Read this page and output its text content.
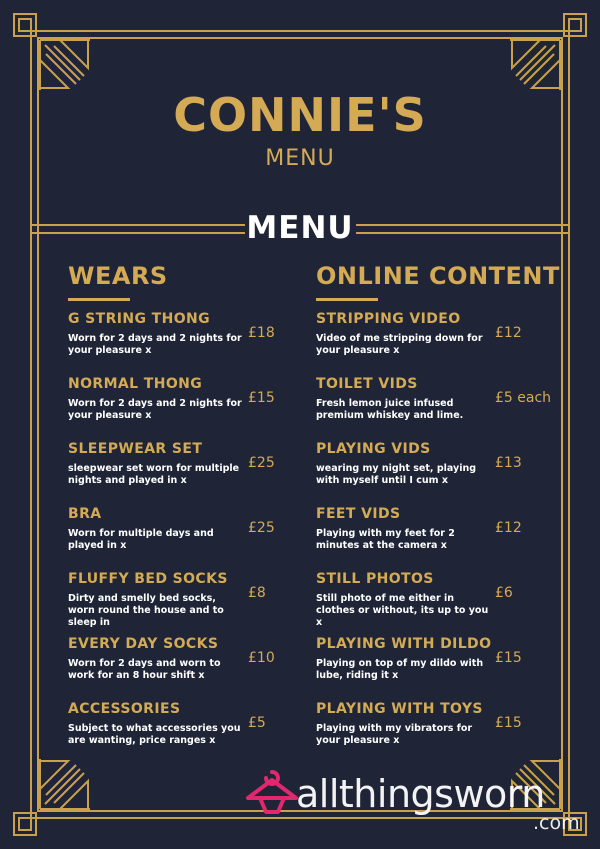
CONNIE'S
MENU
MENU
WEARS
G STRING THONG
Worn for 2 days and 2 nights for your pleasure x
£18
NORMAL THONG
Worn for 2 days and 2 nights for your pleasure x
£15
SLEEPWEAR SET
sleepwear set worn for multiple nights and played in x
£25
BRA
Worn for multiple days and played in x
£25
FLUFFY BED SOCKS
Dirty and smelly bed socks, worn round the house and to sleep in
£8
EVERY DAY SOCKS
Worn for 2 days and worn to work for an 8 hour shift x
£10
ACCESSORIES
Subject to what accessories you are wanting, price ranges x
£5
ONLINE CONTENT
STRIPPING VIDEO
Video of me stripping down for your pleasure x
£12
TOILET VIDS
Fresh lemon juice infused premium whiskey and lime.
£5 each
PLAYING VIDS
wearing my night set, playing with myself until I cum x
£13
FEET VIDS
Playing with my feet for 2 minutes at the camera x
£12
STILL PHOTOS
Still photo of me either in clothes or without, its up to you x
£6
PLAYING WITH DILDO
Playing on top of my dildo with lube, riding it x
£15
PLAYING WITH TOYS
Playing with my vibrators for your pleasure x
£15
allthingsworn
.com
